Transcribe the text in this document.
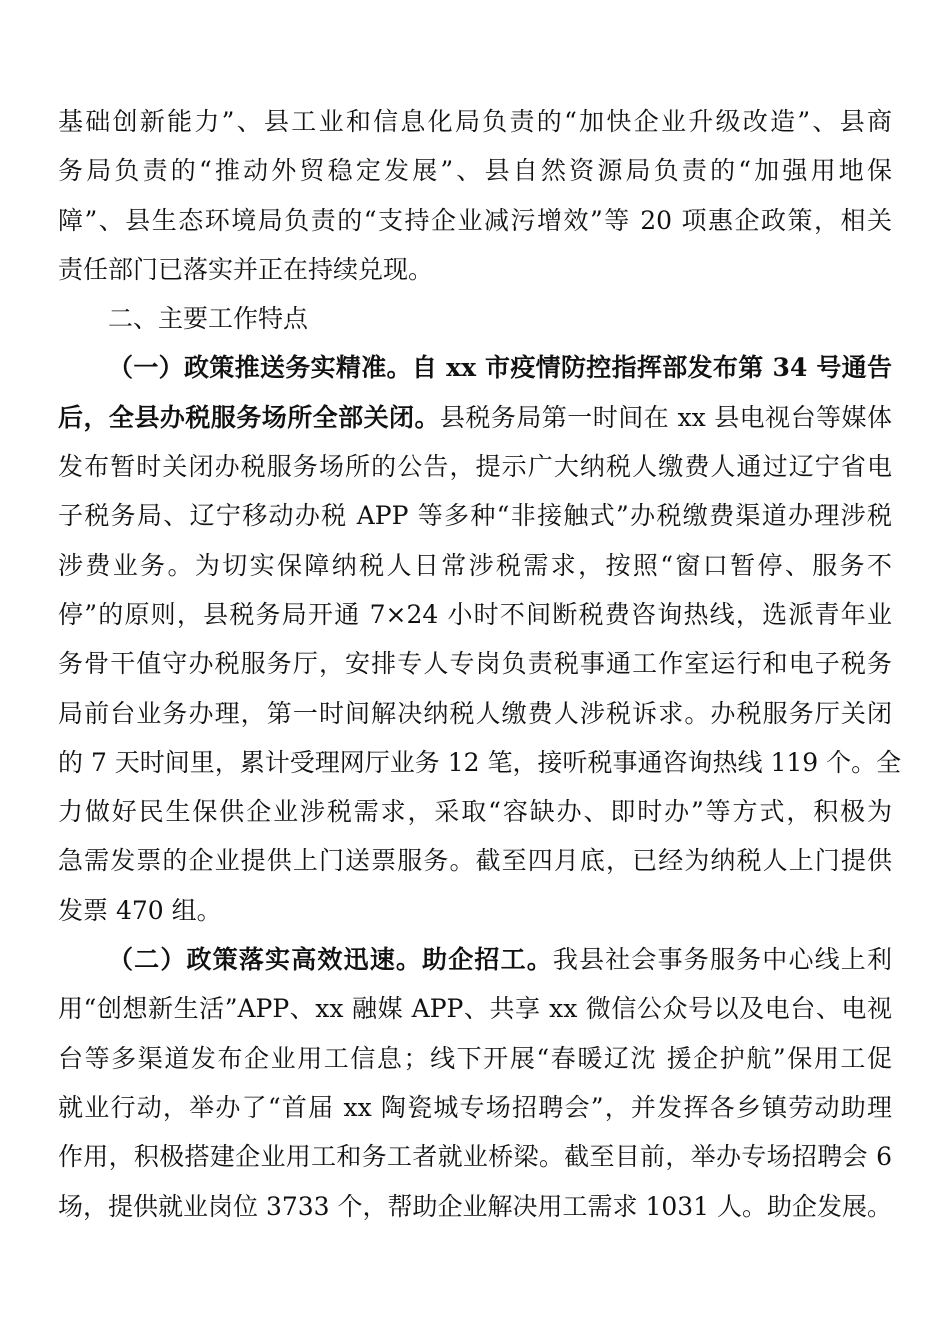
基础创新能力”、县工业和信息化局负责的“加快企业升级改造”、县商
务局负责的“推动外贸稳定发展”、县自然资源局负责的“加强用地保
障”、县生态环境局负责的“支持企业减污增效”等 20 项惠企政策，相关
责任部门已落实并正在持续兑现。
二、主要工作特点
（一）政策推送务实精准。自 xx 市疫情防控指挥部发布第 34 号通告
后，全县办税服务场所全部关闭。县税务局第一时间在 xx 县电视台等媒体
发布暂时关闭办税服务场所的公告，提示广大纳税人缴费人通过辽宁省电
子税务局、辽宁移动办税 APP 等多种“非接触式”办税缴费渠道办理涉税
涉费业务。为切实保障纳税人日常涉税需求，按照“窗口暂停、服务不
停”的原则，县税务局开通 7×24 小时不间断税费咨询热线，选派青年业
务骨干值守办税服务厅，安排专人专岗负责税事通工作室运行和电子税务
局前台业务办理，第一时间解决纳税人缴费人涉税诉求。办税服务厅关闭
的 7 天时间里，累计受理网厅业务 12 笔，接听税事通咨询热线 119 个。全
力做好民生保供企业涉税需求，采取“容缺办、即时办”等方式，积极为
急需发票的企业提供上门送票服务。截至四月底，已经为纳税人上门提供
发票 470 组。
（二）政策落实高效迅速。助企招工。我县社会事务服务中心线上利
用“创想新生活”APP、xx 融媒 APP、共享 xx 微信公众号以及电台、电视
台等多渠道发布企业用工信息；线下开展“春暖辽沈 援企护航”保用工促
就业行动，举办了“首届 xx 陶瓷城专场招聘会”，并发挥各乡镇劳动助理
作用，积极搭建企业用工和务工者就业桥梁。截至目前，举办专场招聘会 6
场，提供就业岗位 3733 个，帮助企业解决用工需求 1031 人。助企发展。
